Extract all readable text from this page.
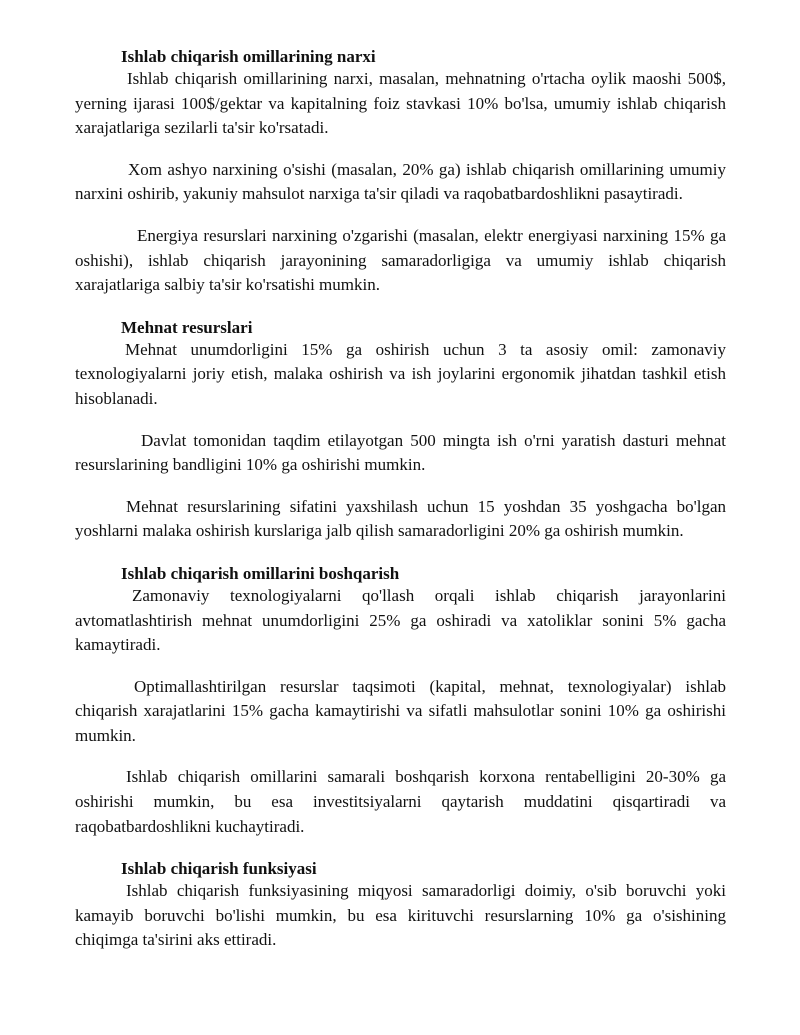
Ishlab chiqarish omillarining narxi

Ishlab chiqarish omillarining narxi, masalan, mehnatning o'rtacha oylik maoshi 500$, yerning ijarasi 100$/gektar va kapitalning foiz stavkasi 10% bo'lsa, umumiy ishlab chiqarish xarajatlariga sezilarli ta'sir ko'rsatadi.

Xom ashyo narxining o'sishi (masalan, 20% ga) ishlab chiqarish omillarining umumiy narxini oshirib, yakuniy mahsulot narxiga ta'sir qiladi va raqobatbardoshlikni pasaytiradi.

Energiya resurslari narxining o'zgarishi (masalan, elektr energiyasi narxining 15% ga oshishi), ishlab chiqarish jarayonining samaradorligiga va umumiy ishlab chiqarish xarajatlariga salbiy ta'sir ko'rsatishi mumkin.

Mehnat resurslari

Mehnat unumdorligini 15% ga oshirish uchun 3 ta asosiy omil: zamonaviy texnologiyalarni joriy etish, malaka oshirish va ish joylarini ergonomik jihatdan tashkil etish hisoblanadi.

Davlat tomonidan taqdim etilayotgan 500 mingta ish o'rni yaratish dasturi mehnat resurslarining bandligini 10% ga oshirishi mumkin.

Mehnat resurslarining sifatini yaxshilash uchun 15 yoshdan 35 yoshgacha bo'lgan yoshlarni malaka oshirish kurslariga jalb qilish samaradorligini 20% ga oshirish mumkin.

Ishlab chiqarish omillarini boshqarish

Zamonaviy texnologiyalarni qo'llash orqali ishlab chiqarish jarayonlarini avtomatlashtirish mehnat unumdorligini 25% ga oshiradi va xatoliklar sonini 5% gacha kamaytiradi.

Optimallashtirilgan resurslar taqsimoti (kapital, mehnat, texnologiyalar) ishlab chiqarish xarajatlarini 15% gacha kamaytirishi va sifatli mahsulotlar sonini 10% ga oshirishi mumkin.

Ishlab chiqarish omillarini samarali boshqarish korxona rentabelligini 20-30% ga oshirishi mumkin, bu esa investitsiyalarni qaytarish muddatini qisqartiradi va raqobatbardoshlikni kuchaytiradi.

Ishlab chiqarish funksiyasi

Ishlab chiqarish funksiyasining miqyosi samaradorligi doimiy, o'sib boruvchi yoki kamayib boruvchi bo'lishi mumkin, bu esa kirituvchi resurslarning 10% ga o'sishining chiqimga ta'sirini aks ettiradi.
